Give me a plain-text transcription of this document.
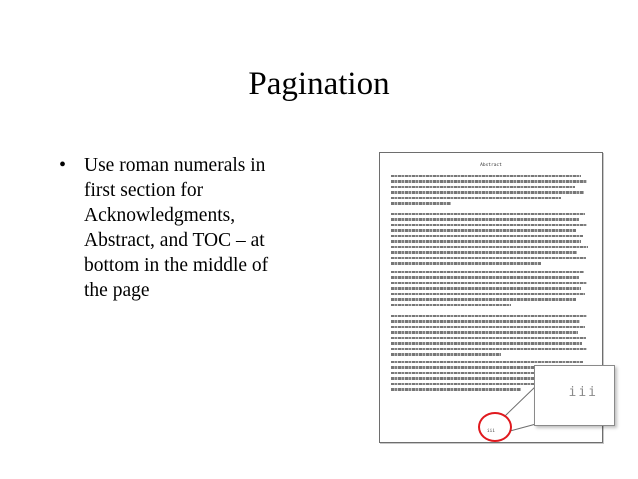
Pagination
• Use roman numerals in
first section for
Acknowledgments,
Abstract, and TOC – at
bottom in the middle of
the page
Abstract
iii
iii
